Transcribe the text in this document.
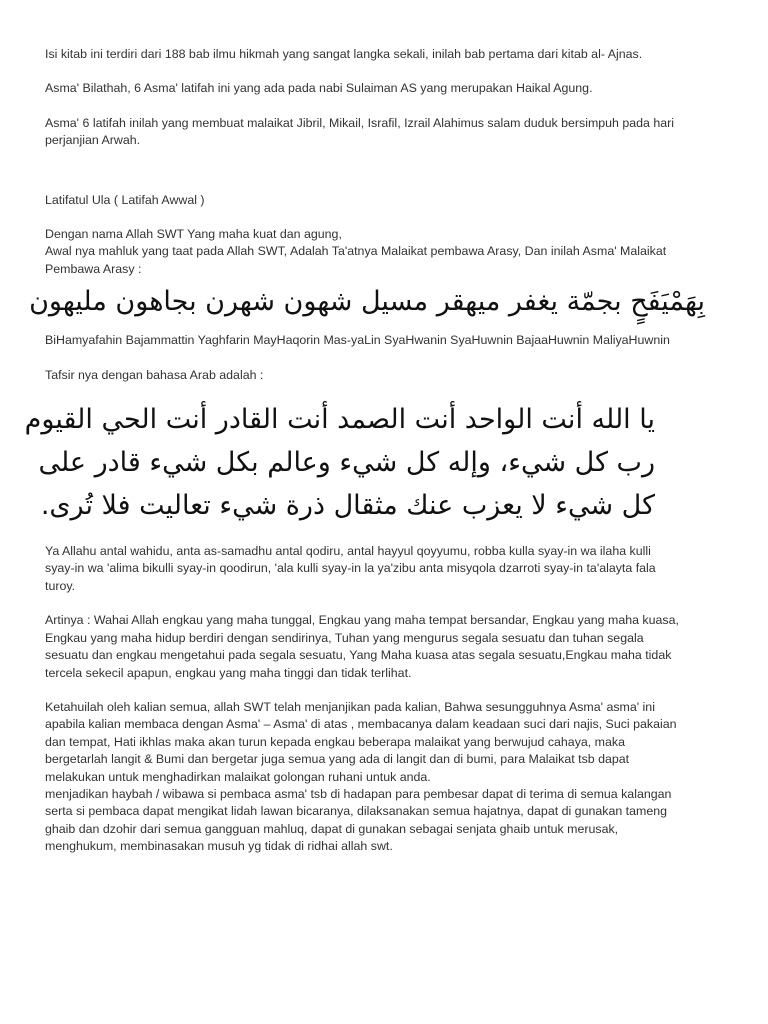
Isi kitab ini terdiri dari 188 bab ilmu hikmah yang sangat langka sekali, inilah bab pertama dari kitab al- Ajnas.

Asma' Bilathah, 6 Asma' latifah ini yang ada pada nabi Sulaiman AS yang merupakan Haikal Agung.

Asma' 6 latifah inilah yang membuat malaikat Jibril, Mikail, Israfil, Izrail Alahimus salam duduk bersimpuh pada hari
perjanjian Arwah.

Latifatul Ula ( Latifah Awwal )

Dengan nama Allah SWT Yang maha kuat dan agung,

Awal nya mahluk yang taat pada Allah SWT, Adalah Ta'atnya Malaikat pembawa Arasy, Dan inilah Asma' Malaikat
Pembawa Arasy :

بِهَمْيَفَحٍ بجمّة يغفر ميهقر مسيل شهون شهرن بجاهون مليهون

BiHamyafahin Bajammattin Yaghfarin MayHaqorin Mas-yaLin SyaHwanin SyaHuwnin BajaaHuwnin MaliyaHuwnin

Tafsir nya dengan bahasa Arab adalah :

يا الله أنت الواحد أنت الصمد أنت القادر أنت الحي القيوم
رب كل شيء، وإله كل شيء وعالم بكل شيء قادر على
كل شيء لا يعزب عنك مثقال ذرة شيء تعاليت فلا تُرى.

Ya Allahu antal wahidu, anta as-samadhu antal qodiru, antal hayyul qoyyumu, robba kulla syay-in wa ilaha kulli
syay-in wa 'alima bikulli syay-in qoodirun, 'ala kulli syay-in la ya'zibu anta misyqola dzarroti syay-in ta'alayta fala
turoy.

Artinya : Wahai Allah engkau yang maha tunggal, Engkau yang maha tempat bersandar, Engkau yang maha kuasa,
Engkau yang maha hidup berdiri dengan sendirinya, Tuhan yang mengurus segala sesuatu dan tuhan segala
sesuatu dan engkau mengetahui pada segala sesuatu, Yang Maha kuasa atas segala sesuatu,Engkau maha tidak
tercela sekecil apapun, engkau yang maha tinggi dan tidak terlihat.

Ketahuilah oleh kalian semua, allah SWT telah menjanjikan pada kalian, Bahwa sesungguhnya Asma' asma' ini
apabila kalian membaca dengan Asma' – Asma' di atas , membacanya dalam keadaan suci dari najis, Suci pakaian
dan tempat, Hati ikhlas maka akan turun kepada engkau beberapa malaikat yang berwujud cahaya, maka
bergetarlah langit & Bumi dan bergetar juga semua yang ada di langit dan di bumi, para Malaikat tsb dapat
melakukan untuk menghadirkan malaikat golongan ruhani untuk anda.
menjadikan haybah / wibawa si pembaca asma' tsb di hadapan para pembesar dapat di terima di semua kalangan
serta si pembaca dapat mengikat lidah lawan bicaranya, dilaksanakan semua hajatnya, dapat di gunakan tameng
ghaib dan dzohir dari semua gangguan mahluq, dapat di gunakan sebagai senjata ghaib untuk merusak,
menghukum, membinasakan musuh yg tidak di ridhai allah swt.
